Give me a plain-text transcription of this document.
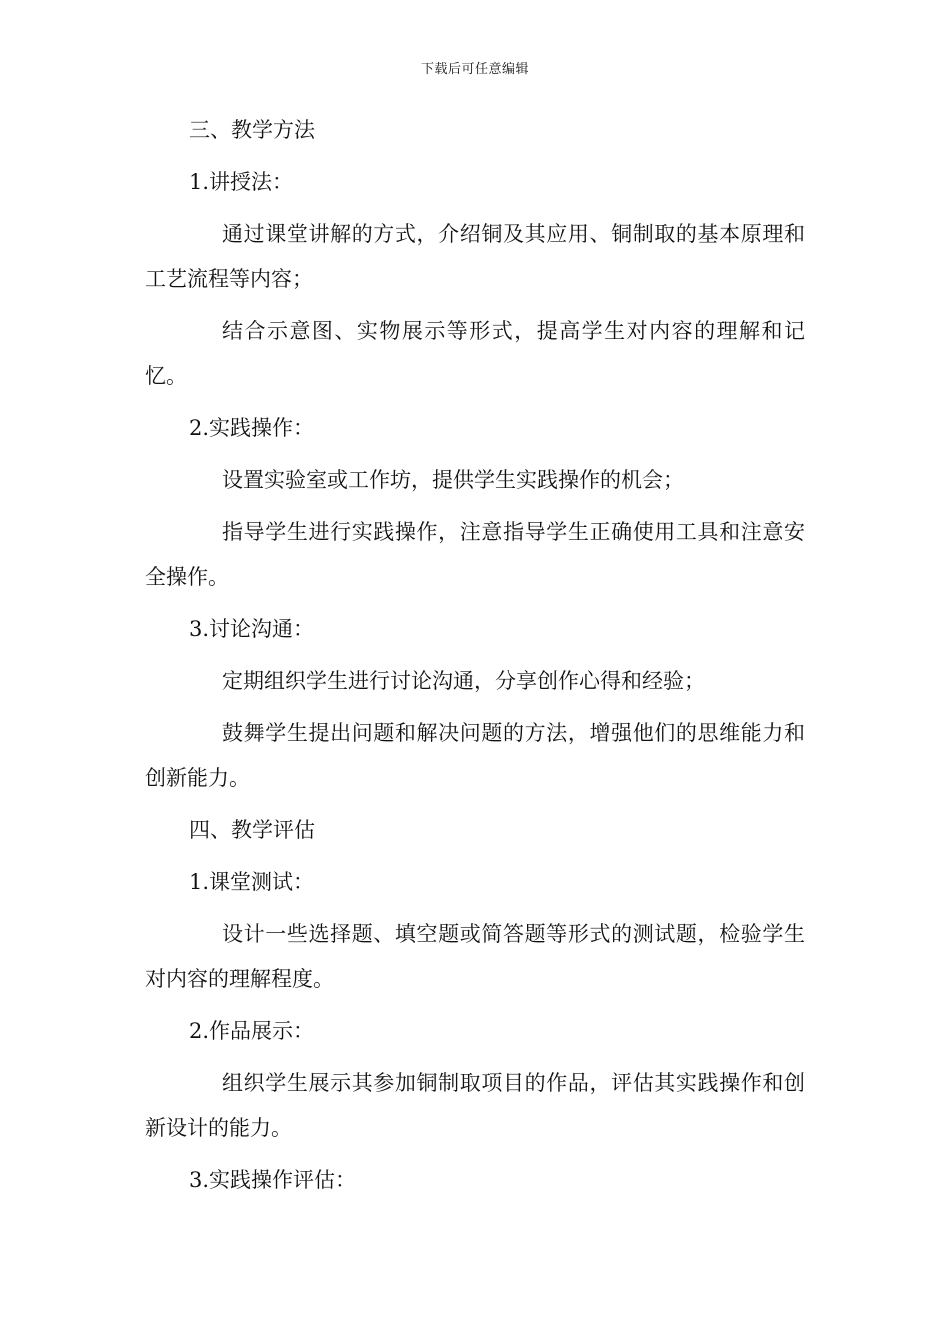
下载后可任意编辑

三、教学方法

1.讲授法：

通过课堂讲解的方式，介绍铜及其应用、铜制取的基本原理和工艺流程等内容；

结合示意图、实物展示等形式，提高学生对内容的理解和记忆。

2.实践操作：

设置实验室或工作坊，提供学生实践操作的机会；

指导学生进行实践操作，注意指导学生正确使用工具和注意安全操作。

3.讨论沟通：

定期组织学生进行讨论沟通，分享创作心得和经验；

鼓舞学生提出问题和解决问题的方法，增强他们的思维能力和创新能力。

四、教学评估

1.课堂测试：

设计一些选择题、填空题或简答题等形式的测试题，检验学生对内容的理解程度。

2.作品展示：

组织学生展示其参加铜制取项目的作品，评估其实践操作和创新设计的能力。

3.实践操作评估：
